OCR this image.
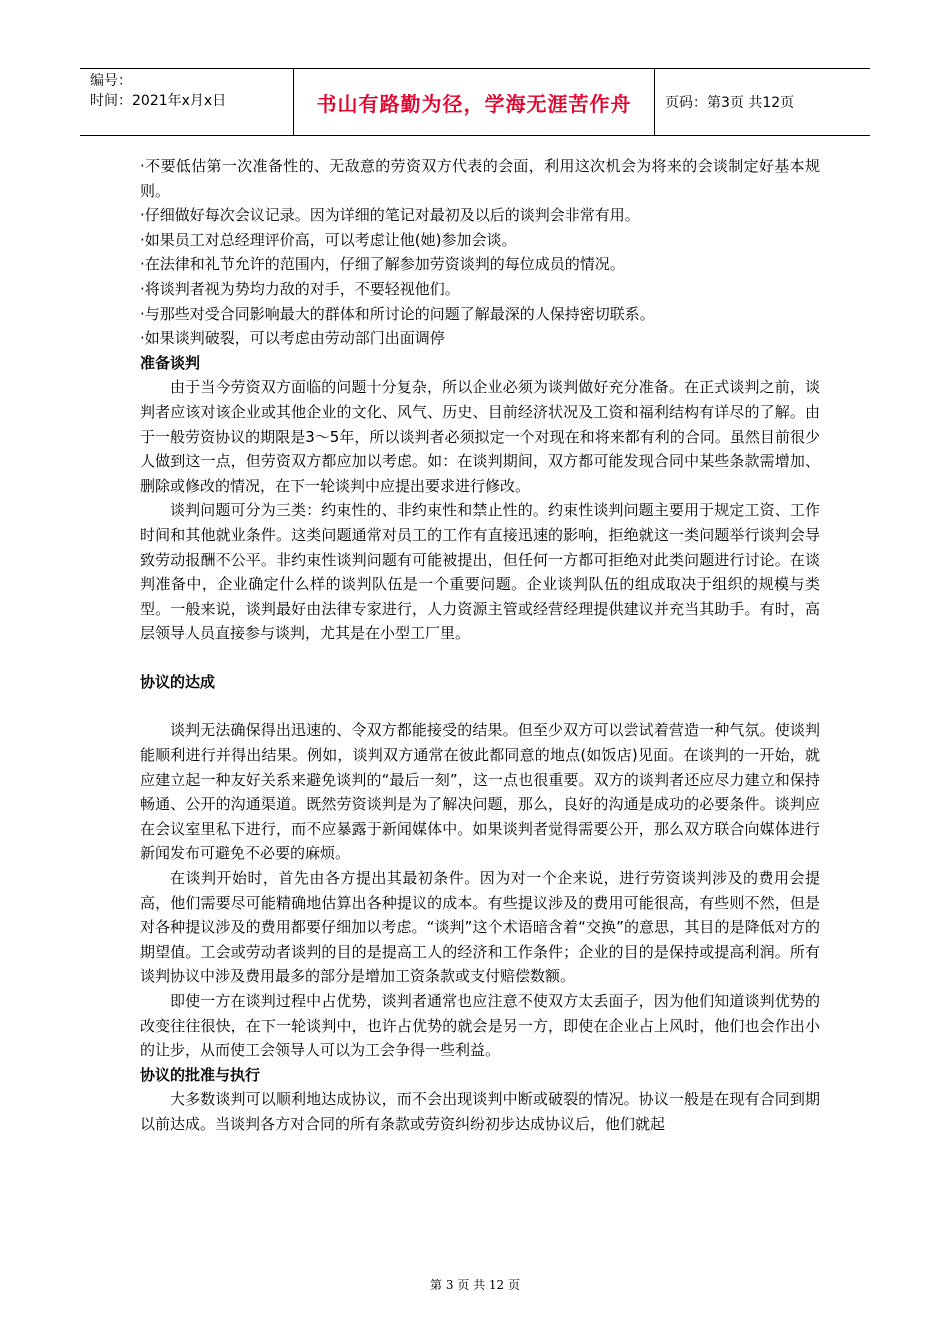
编号：
时间：2021年x月x日	书山有路勤为径，学海无涯苦作舟	页码：第3页 共12页

·不要低估第一次准备性的、无敌意的劳资双方代表的会面，利用这次机会为将来的会谈制定好基本规则。

·仔细做好每次会议记录。因为详细的笔记对最初及以后的谈判会非常有用。

·如果员工对总经理评价高，可以考虑让他(她)参加会谈。

·在法律和礼节允许的范围内，仔细了解参加劳资谈判的每位成员的情况。

·将谈判者视为势均力敌的对手，不要轻视他们。

·与那些对受合同影响最大的群体和所讨论的问题了解最深的人保持密切联系。

·如果谈判破裂，可以考虑由劳动部门出面调停

准备谈判

由于当今劳资双方面临的问题十分复杂，所以企业必须为谈判做好充分准备。在正式谈判之前，谈判者应该对该企业或其他企业的文化、风气、历史、目前经济状况及工资和福利结构有详尽的了解。由于一般劳资协议的期限是3～5年，所以谈判者必须拟定一个对现在和将来都有利的合同。虽然目前很少人做到这一点，但劳资双方都应加以考虑。如：在谈判期间，双方都可能发现合同中某些条款需增加、删除或修改的情况，在下一轮谈判中应提出要求进行修改。

谈判问题可分为三类：约束性的、非约束性和禁止性的。约束性谈判问题主要用于规定工资、工作时间和其他就业条件。这类问题通常对员工的工作有直接迅速的影响，拒绝就这一类问题举行谈判会导致劳动报酬不公平。非约束性谈判问题有可能被提出，但任何一方都可拒绝对此类问题进行讨论。在谈判准备中，企业确定什么样的谈判队伍是一个重要问题。企业谈判队伍的组成取决于组织的规模与类型。一般来说，谈判最好由法律专家进行，人力资源主管或经营经理提供建议并充当其助手。有时，高层领导人员直接参与谈判，尤其是在小型工厂里。

协议的达成

谈判无法确保得出迅速的、令双方都能接受的结果。但至少双方可以尝试着营造一种气氛。使谈判能顺利进行并得出结果。例如，谈判双方通常在彼此都同意的地点(如饭店)见面。在谈判的一开始，就应建立起一种友好关系来避免谈判的“最后一刻”，这一点也很重要。双方的谈判者还应尽力建立和保持畅通、公开的沟通渠道。既然劳资谈判是为了解决问题，那么，良好的沟通是成功的必要条件。谈判应在会议室里私下进行，而不应暴露于新闻媒体中。如果谈判者觉得需要公开，那么双方联合向媒体进行新闻发布可避免不必要的麻烦。

在谈判开始时，首先由各方提出其最初条件。因为对一个企来说，进行劳资谈判涉及的费用会提高，他们需要尽可能精确地估算出各种提议的成本。有些提议涉及的费用可能很高，有些则不然，但是对各种提议涉及的费用都要仔细加以考虑。“谈判”这个术语暗含着“交换”的意思，其目的是降低对方的期望值。工会或劳动者谈判的目的是提高工人的经济和工作条件；企业的目的是保持或提高利润。所有谈判协议中涉及费用最多的部分是增加工资条款或支付赔偿数额。

即使一方在谈判过程中占优势，谈判者通常也应注意不使双方太丢面子，因为他们知道谈判优势的改变往往很快，在下一轮谈判中，也许占优势的就会是另一方，即使在企业占上风时，他们也会作出小的让步，从而使工会领导人可以为工会争得一些利益。

协议的批准与执行

大多数谈判可以顺利地达成协议，而不会出现谈判中断或破裂的情况。协议一般是在现有合同到期以前达成。当谈判各方对合同的所有条款或劳资纠纷初步达成协议后，他们就起

第 3 页 共 12 页
